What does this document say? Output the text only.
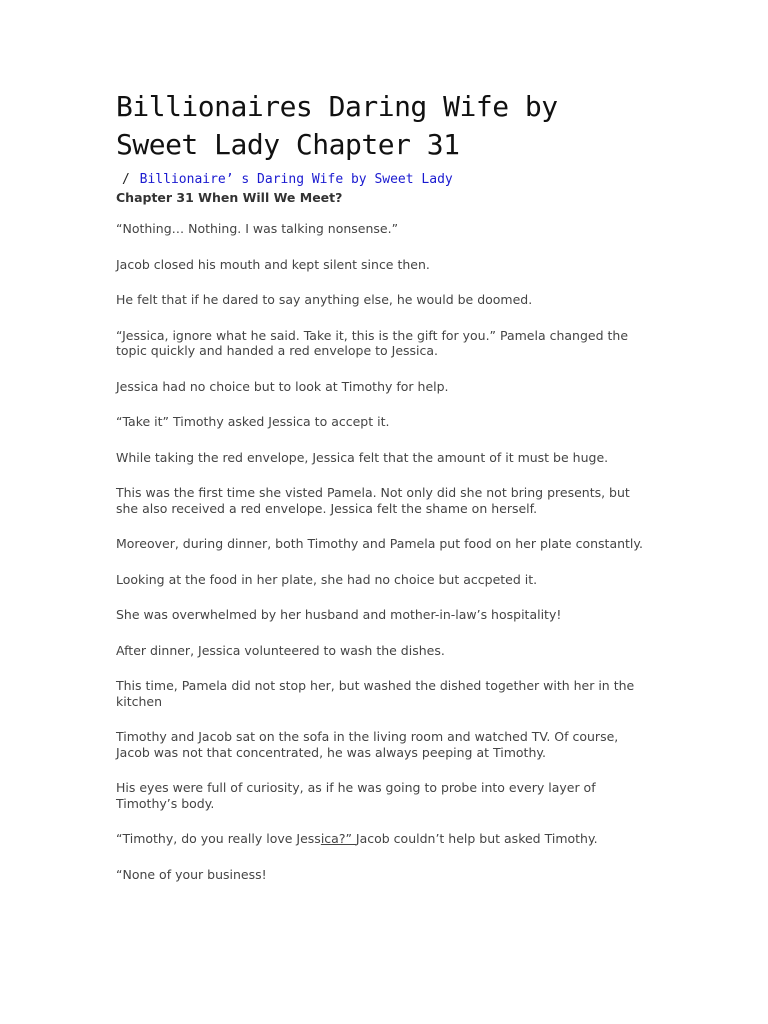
Billionaires Daring Wife by Sweet Lady Chapter 31
/ Billionaire’ s Daring Wife by Sweet Lady
Chapter 31 When Will We Meet?

“Nothing… Nothing. I was talking nonsense.”

Jacob closed his mouth and kept silent since then.

He felt that if he dared to say anything else, he would be doomed.

“Jessica, ignore what he said. Take it, this is the gift for you.” Pamela changed the topic quickly and handed a red envelope to Jessica.

Jessica had no choice but to look at Timothy for help.

“Take it” Timothy asked Jessica to accept it.

While taking the red envelope, Jessica felt that the amount of it must be huge.

This was the first time she visted Pamela. Not only did she not bring presents, but she also received a red envelope. Jessica felt the shame on herself.

Moreover, during dinner, both Timothy and Pamela put food on her plate constantly.

Looking at the food in her plate, she had no choice but accpeted it.

She was overwhelmed by her husband and mother-in-law’s hospitality!

After dinner, Jessica volunteered to wash the dishes.

This time, Pamela did not stop her, but washed the dished together with her in the kitchen

Timothy and Jacob sat on the sofa in the living room and watched TV. Of course, Jacob was not that concentrated, he was always peeping at Timothy.

His eyes were full of curiosity, as if he was going to probe into every layer of Timothy’s body.

“Timothy, do you really love Jessica?” Jacob couldn’t help but asked Timothy.

“None of your business!
